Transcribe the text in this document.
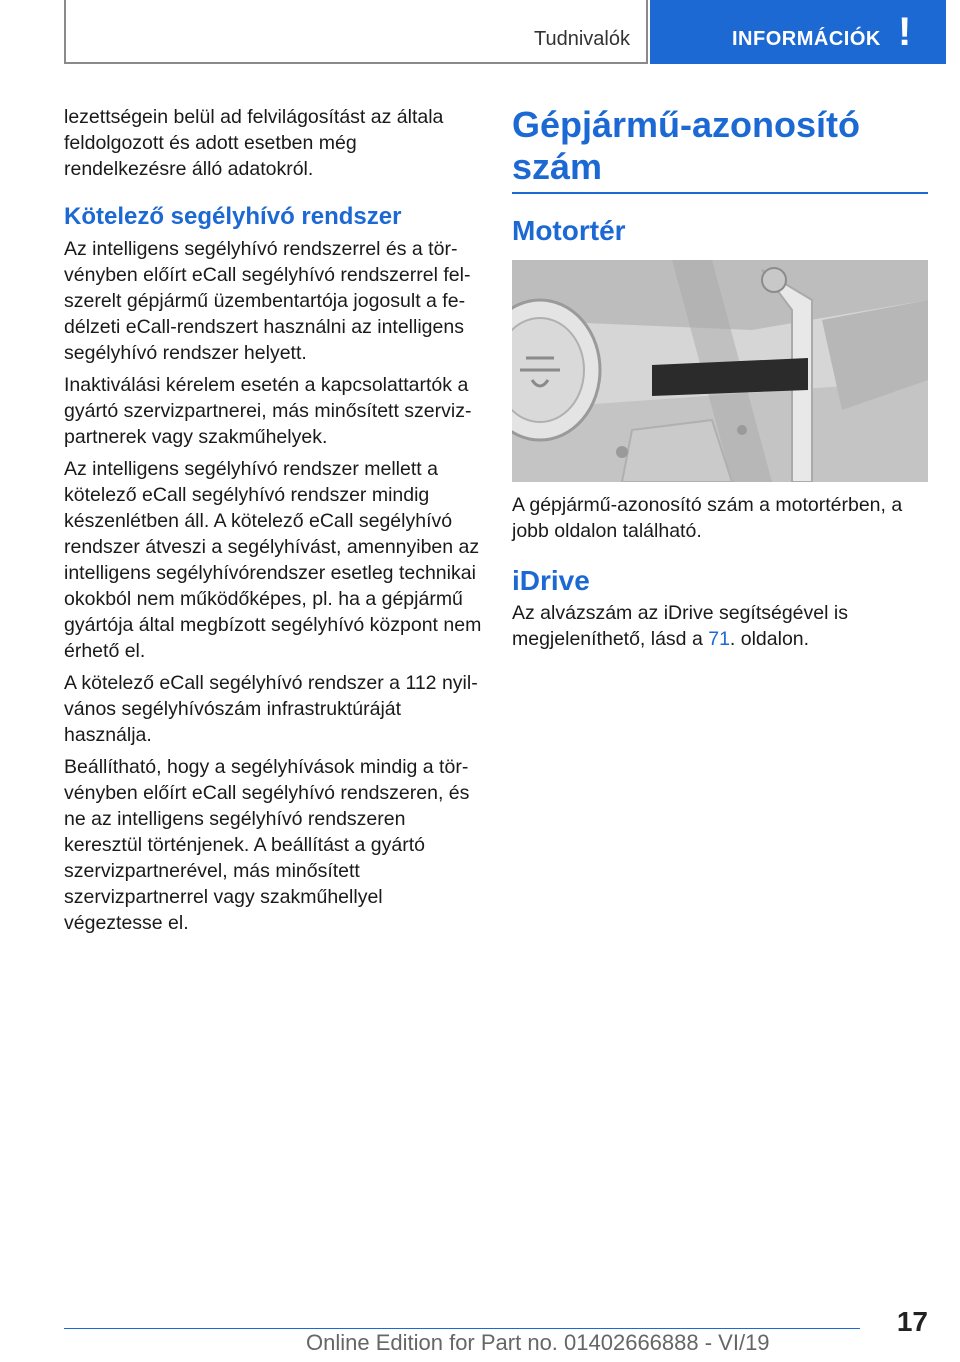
Tudnivalók	INFORMÁCIÓK !

lezettségein belül ad felvilágosítást az általa feldolgozott és adott esetben még rendelkezésre álló adatokról.

Kötelező segélyhívó rendszer

Az intelligens segélyhívó rendszerrel és a törvényben előírt eCall segélyhívó rendszerrel felszerelt gépjármű üzembentartója jogosult a fedélzeti eCall-rendszert használni az intelligens segélyhívó rendszer helyett.

Inaktiválási kérelem esetén a kapcsolattartók a gyártó szervizpartnerei, más minősített szervizpartnerek vagy szakműhelyek.

Az intelligens segélyhívó rendszer mellett a kötelező eCall segélyhívó rendszer mindig készenlétben áll. A kötelező eCall segélyhívó rendszer átveszi a segélyhívást, amennyiben az intelligens segélyhívórendszer esetleg technikai okokból nem működőképes, pl. ha a gépjármű gyártója által megbízott segélyhívó központ nem érhető el.

A kötelező eCall segélyhívó rendszer a 112 nyilvános segélyhívószám infrastruktúráját használja.

Beállítható, hogy a segélyhívások mindig a törvényben előírt eCall segélyhívó rendszeren, és ne az intelligens segélyhívó rendszeren keresztül történjenek. A beállítást a gyártó szervizpartnerével, más minősített szervizpartnerrel vagy szakműhellyel végeztesse el.

Gépjármű-azonosító szám
Motortér

A gépjármű-azonosító szám a motortérben, a jobb oldalon található.

iDrive

Az alvázszám az iDrive segítségével is megjeleníthető, lásd a 71. oldalon.

17
Online Edition for Part no. 01402666888 - VI/19
